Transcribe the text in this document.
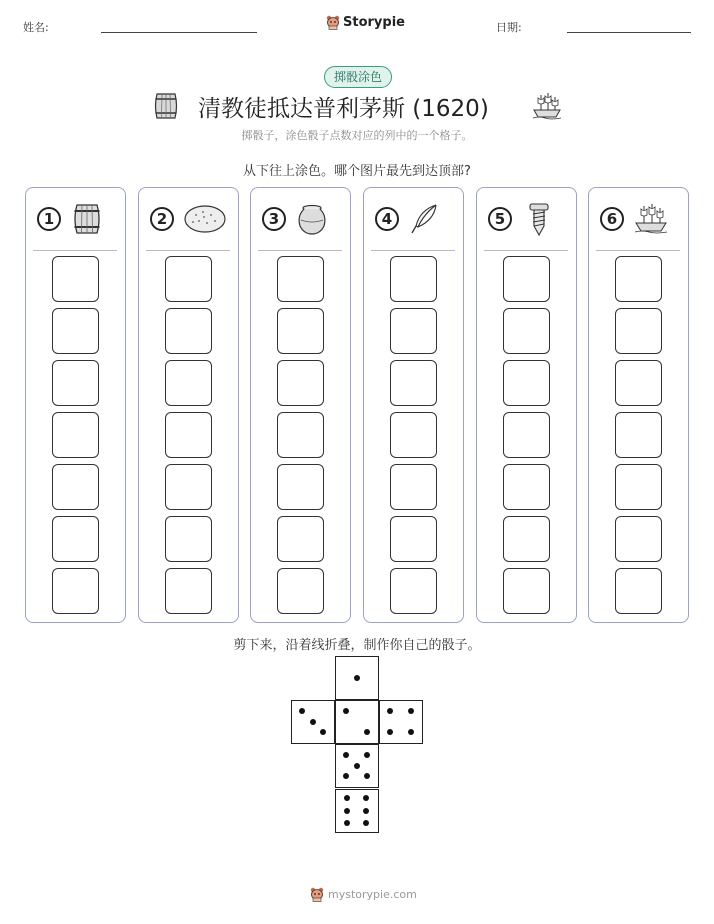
姓名:	Storypie	日期:
掷骰涂色
清教徒抵达普利茅斯 (1620)
掷骰子，涂色骰子点数对应的列中的一个格子。
从下往上涂色。哪个图片最先到达顶部?
1	2	3	4	5	6
剪下来，沿着线折叠，制作你自己的骰子。
mystorypie.com
